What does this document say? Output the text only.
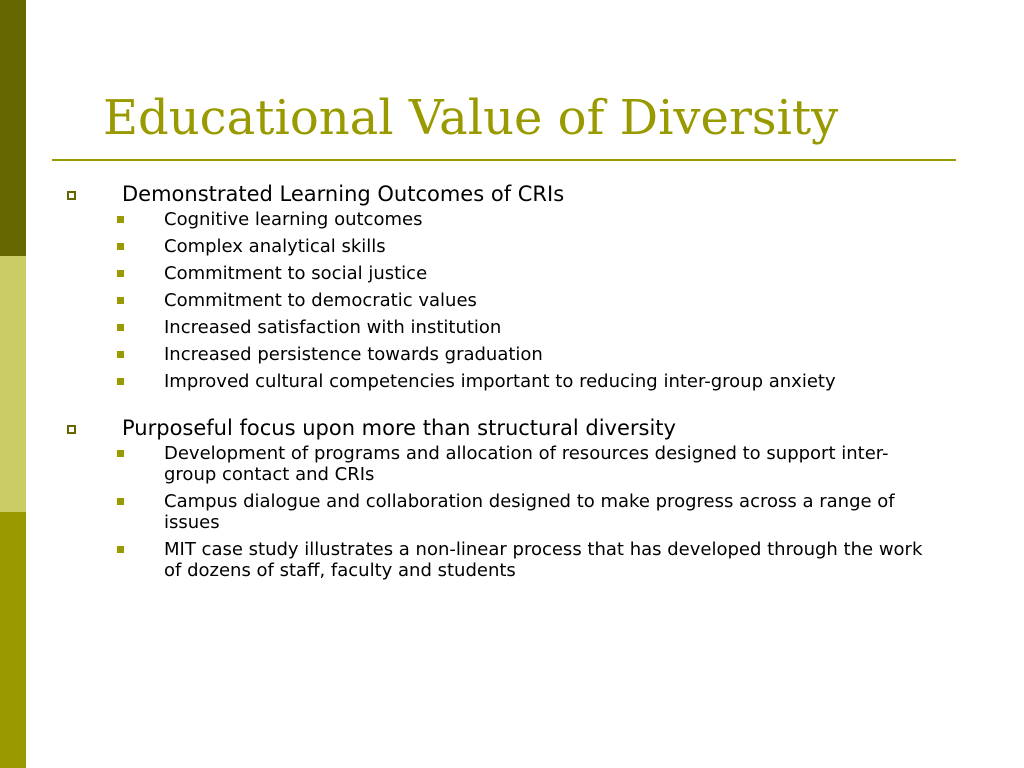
Educational Value of Diversity

Demonstrated Learning Outcomes of CRIs

Cognitive learning outcomes

Complex analytical skills

Commitment to social justice

Commitment to democratic values

Increased satisfaction with institution

Increased persistence towards graduation

Improved cultural competencies important to reducing inter-group anxiety

Purposeful focus upon more than structural diversity

Development of programs and allocation of resources designed to support inter-group contact and CRIs

Campus dialogue and collaboration designed to make progress across a range of issues

MIT case study illustrates a non-linear process that has developed through the work of dozens of staff, faculty and students
